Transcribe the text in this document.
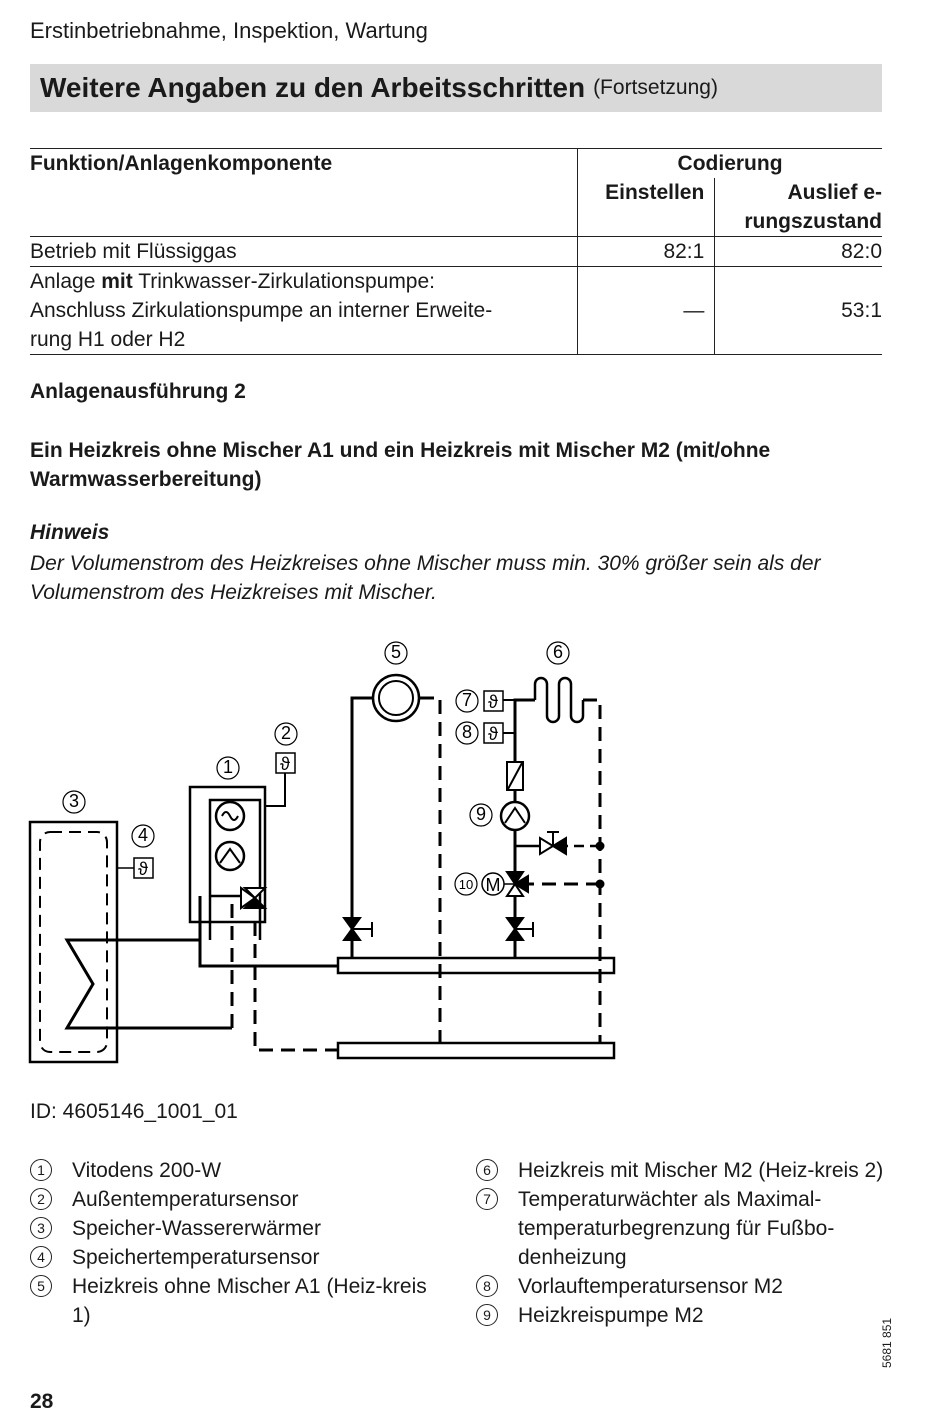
Erstinbetriebnahme, Inspektion, Wartung
Weitere Angaben zu den Arbeitsschritten (Fortsetzung)
Funktion/Anlagenkomponente	Codierung	
	Einstellen	Auslief e-
rungszustand
Betrieb mit Flüssiggas	82:1	82:0
Anlage mit Trinkwasser-Zirkulationspumpe:
Anschluss Zirkulationspumpe an interner Erweite-
rung H1 oder H2	—	53:1
Anlagenausführung 2
Ein Heizkreis ohne Mischer A1 und ein Heizkreis mit Mischer M2 (mit/ohne Warmwasserbereitung)
Hinweis
Der Volumenstrom des Heizkreises ohne Mischer muss min. 30% größer sein als der Volumenstrom des Heizkreises mit Mischer.
ϑ
ϑ
ϑ
ϑ
M
1
2
3
4
5	6
7
8
9
10
ID: 4605146_1001_01
1	Vitodens 200-W
2	Außentemperatursensor
3	Speicher-Wassererwärmer
4	Speichertemperatursensor
5	Heizkreis ohne Mischer A1 (Heiz-kreis 1)
6	Heizkreis mit Mischer M2 (Heiz-kreis 2)
7	Temperaturwächter als Maximal-temperaturbegrenzung für Fußbo-denheizung
8	Vorlauftemperatursensor M2
9	Heizkreispumpe M2
5681 851
28
